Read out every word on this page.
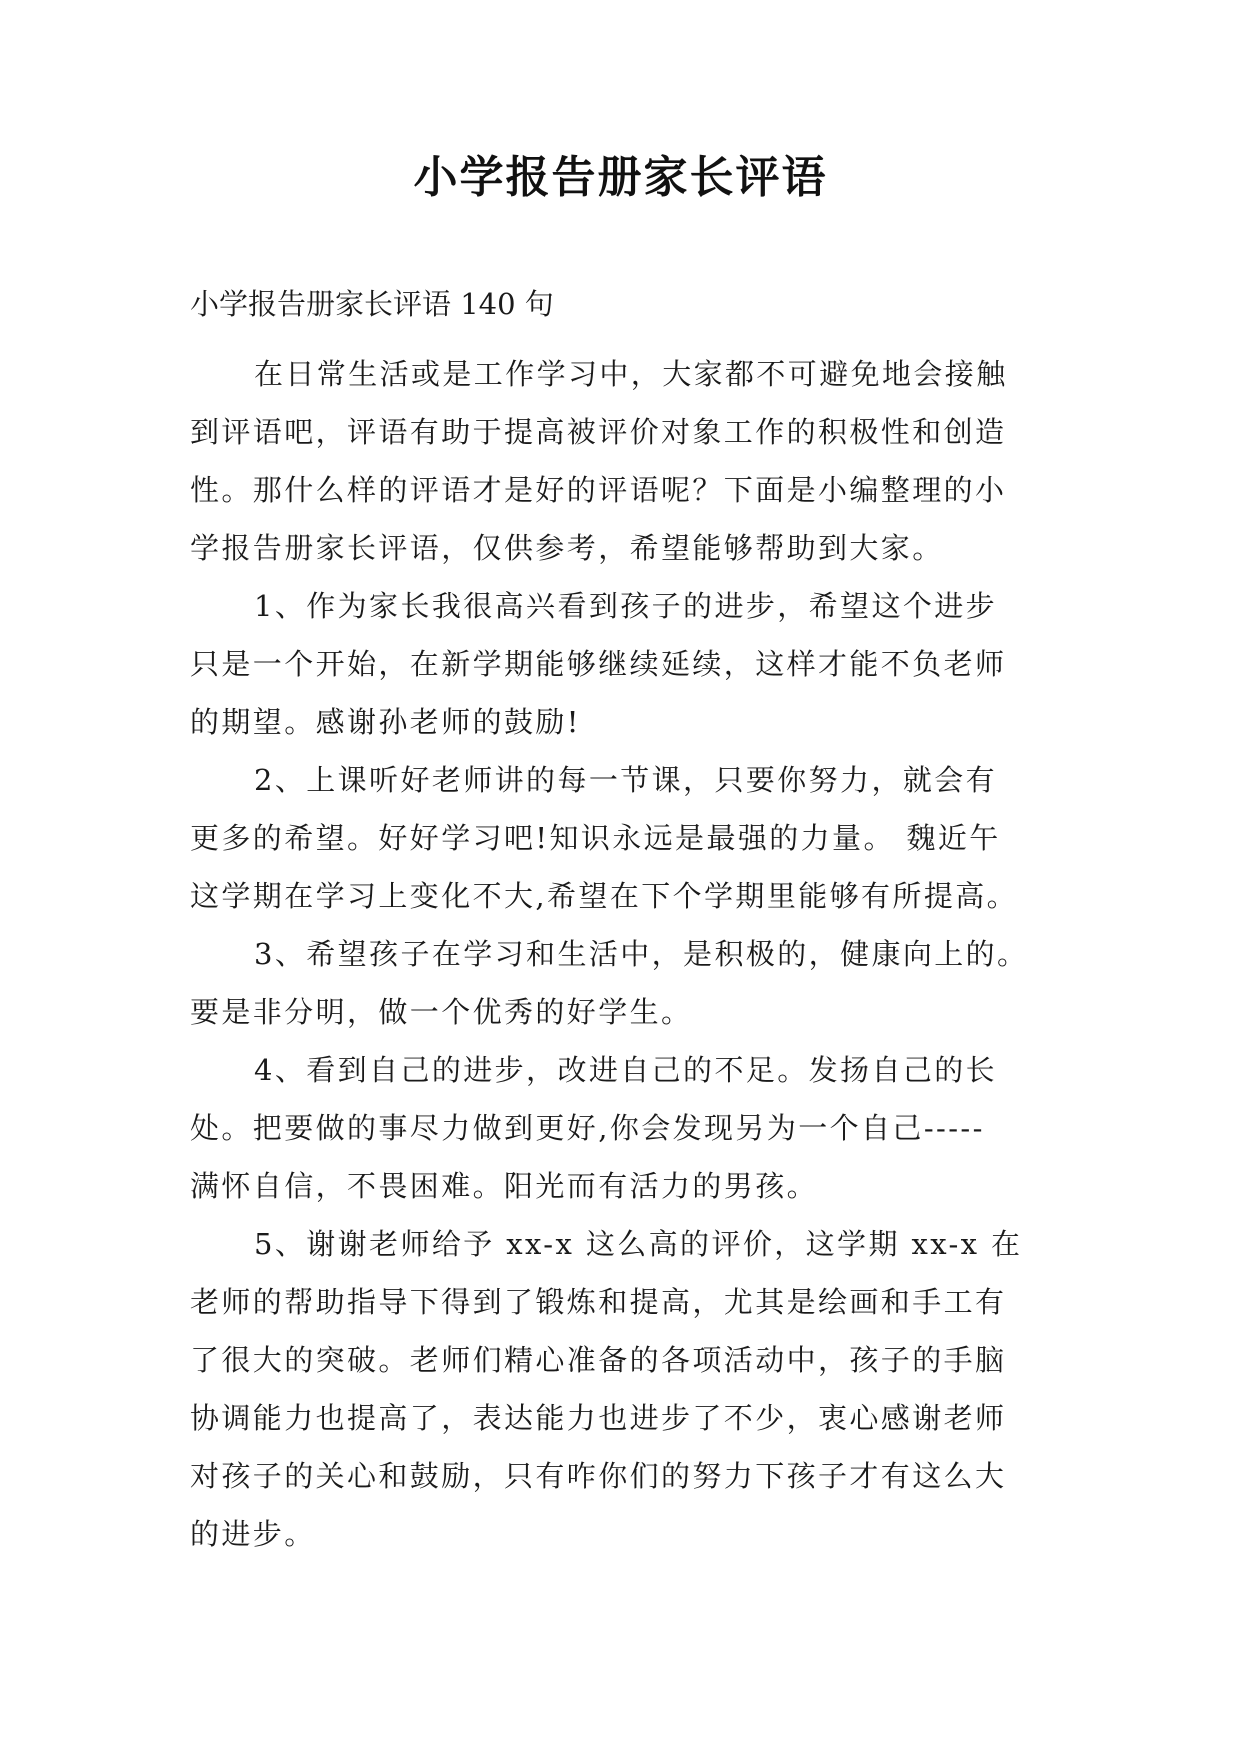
小学报告册家长评语
小学报告册家长评语 140 句
在日常生活或是工作学习中，大家都不可避免地会接触
到评语吧，评语有助于提高被评价对象工作的积极性和创造
性。那什么样的评语才是好的评语呢？下面是小编整理的小
学报告册家长评语，仅供参考，希望能够帮助到大家。
1、作为家长我很高兴看到孩子的进步，希望这个进步
只是一个开始，在新学期能够继续延续，这样才能不负老师
的期望。感谢孙老师的鼓励!
2、上课听好老师讲的每一节课，只要你努力，就会有
更多的希望。好好学习吧!知识永远是最强的力量。 魏近午
这学期在学习上变化不大,希望在下个学期里能够有所提高。
3、希望孩子在学习和生活中，是积极的，健康向上的。
要是非分明，做一个优秀的好学生。
4、看到自己的进步，改进自己的不足。发扬自己的长
处。把要做的事尽力做到更好,你会发现另为一个自己-----
满怀自信，不畏困难。阳光而有活力的男孩。
5、谢谢老师给予 xx-x 这么高的评价，这学期 xx-x 在
老师的帮助指导下得到了锻炼和提高，尤其是绘画和手工有
了很大的突破。老师们精心准备的各项活动中，孩子的手脑
协调能力也提高了，表达能力也进步了不少，衷心感谢老师
对孩子的关心和鼓励，只有咋你们的努力下孩子才有这么大
的进步。
